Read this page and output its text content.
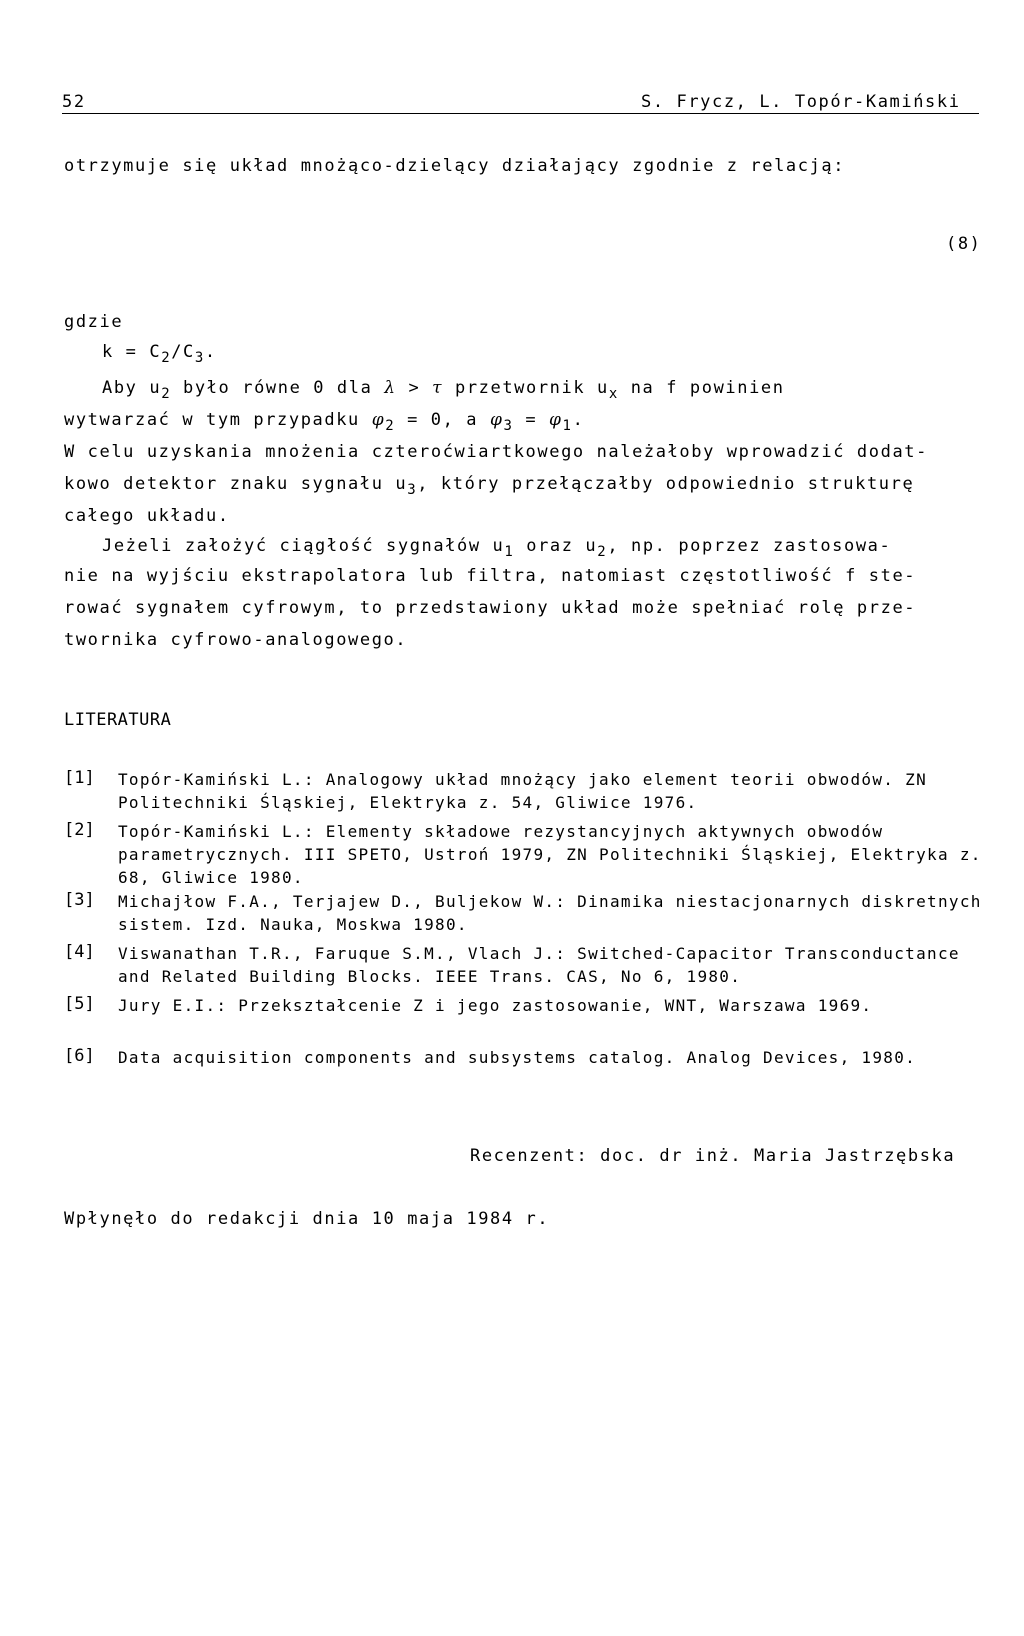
52	S. Frycz, L. Topór-Kamiński
otrzymuje się układ mnożąco-dzielący działający zgodnie z relacją:
(8)
gdzie
$k = C_2/C_3$.
Aby $u_2$ było równe 0 dla λ > τ przetwornik $u_x$ na f powinien
wytwarzać w tym przypadku $\varphi_2 = 0$, a $\varphi_3 = \varphi_1$.
W celu uzyskania mnożenia czteroćwiartkowego należałoby wprowadzić dodat-
kowo detektor znaku sygnału $u_3$, który przełączałby odpowiednio strukturę
całego układu.
Jeżeli założyć ciągłość sygnałów $u_1$ oraz $u_2$, np. poprzez zastosowa-
nie na wyjściu ekstrapolatora lub filtra, natomiast częstotliwość f ste-
rować sygnałem cyfrowym, to przedstawiony układ może spełniać rolę prze-
twornika cyfrowo-analogowego.
LITERATURA
[1] Topór-Kamiński L.: Analogowy układ mnożący jako element teorii obwodów. ZN Politechniki Śląskiej, Elektryka z. 54, Gliwice 1976.
[2] Topór-Kamiński L.: Elementy składowe rezystancyjnych aktywnych obwodów parametrycznych. III SPETO, Ustroń 1979, ZN Politechniki Śląskiej, Elektryka z. 68, Gliwice 1980.
[3] Michajłow F.A., Terjajew D., Buljekow W.: Dinamika niestacjonarnych diskretnych sistem. Izd. Nauka, Moskwa 1980.
[4] Viswanathan T.R., Faruque S.M., Vlach J.: Switched-Capacitor Transconductance and Related Building Blocks. IEEE Trans. CAS, No 6, 1980.
[5] Jury E.I.: Przekształcenie Z i jego zastosowanie, WNT, Warszawa 1969.
[6] Data acquisition components and subsystems catalog. Analog Devices, 1980.
Recenzent: doc. dr inż. Maria Jastrzębska
Wpłynęło do redakcji dnia 10 maja 1984 r.
